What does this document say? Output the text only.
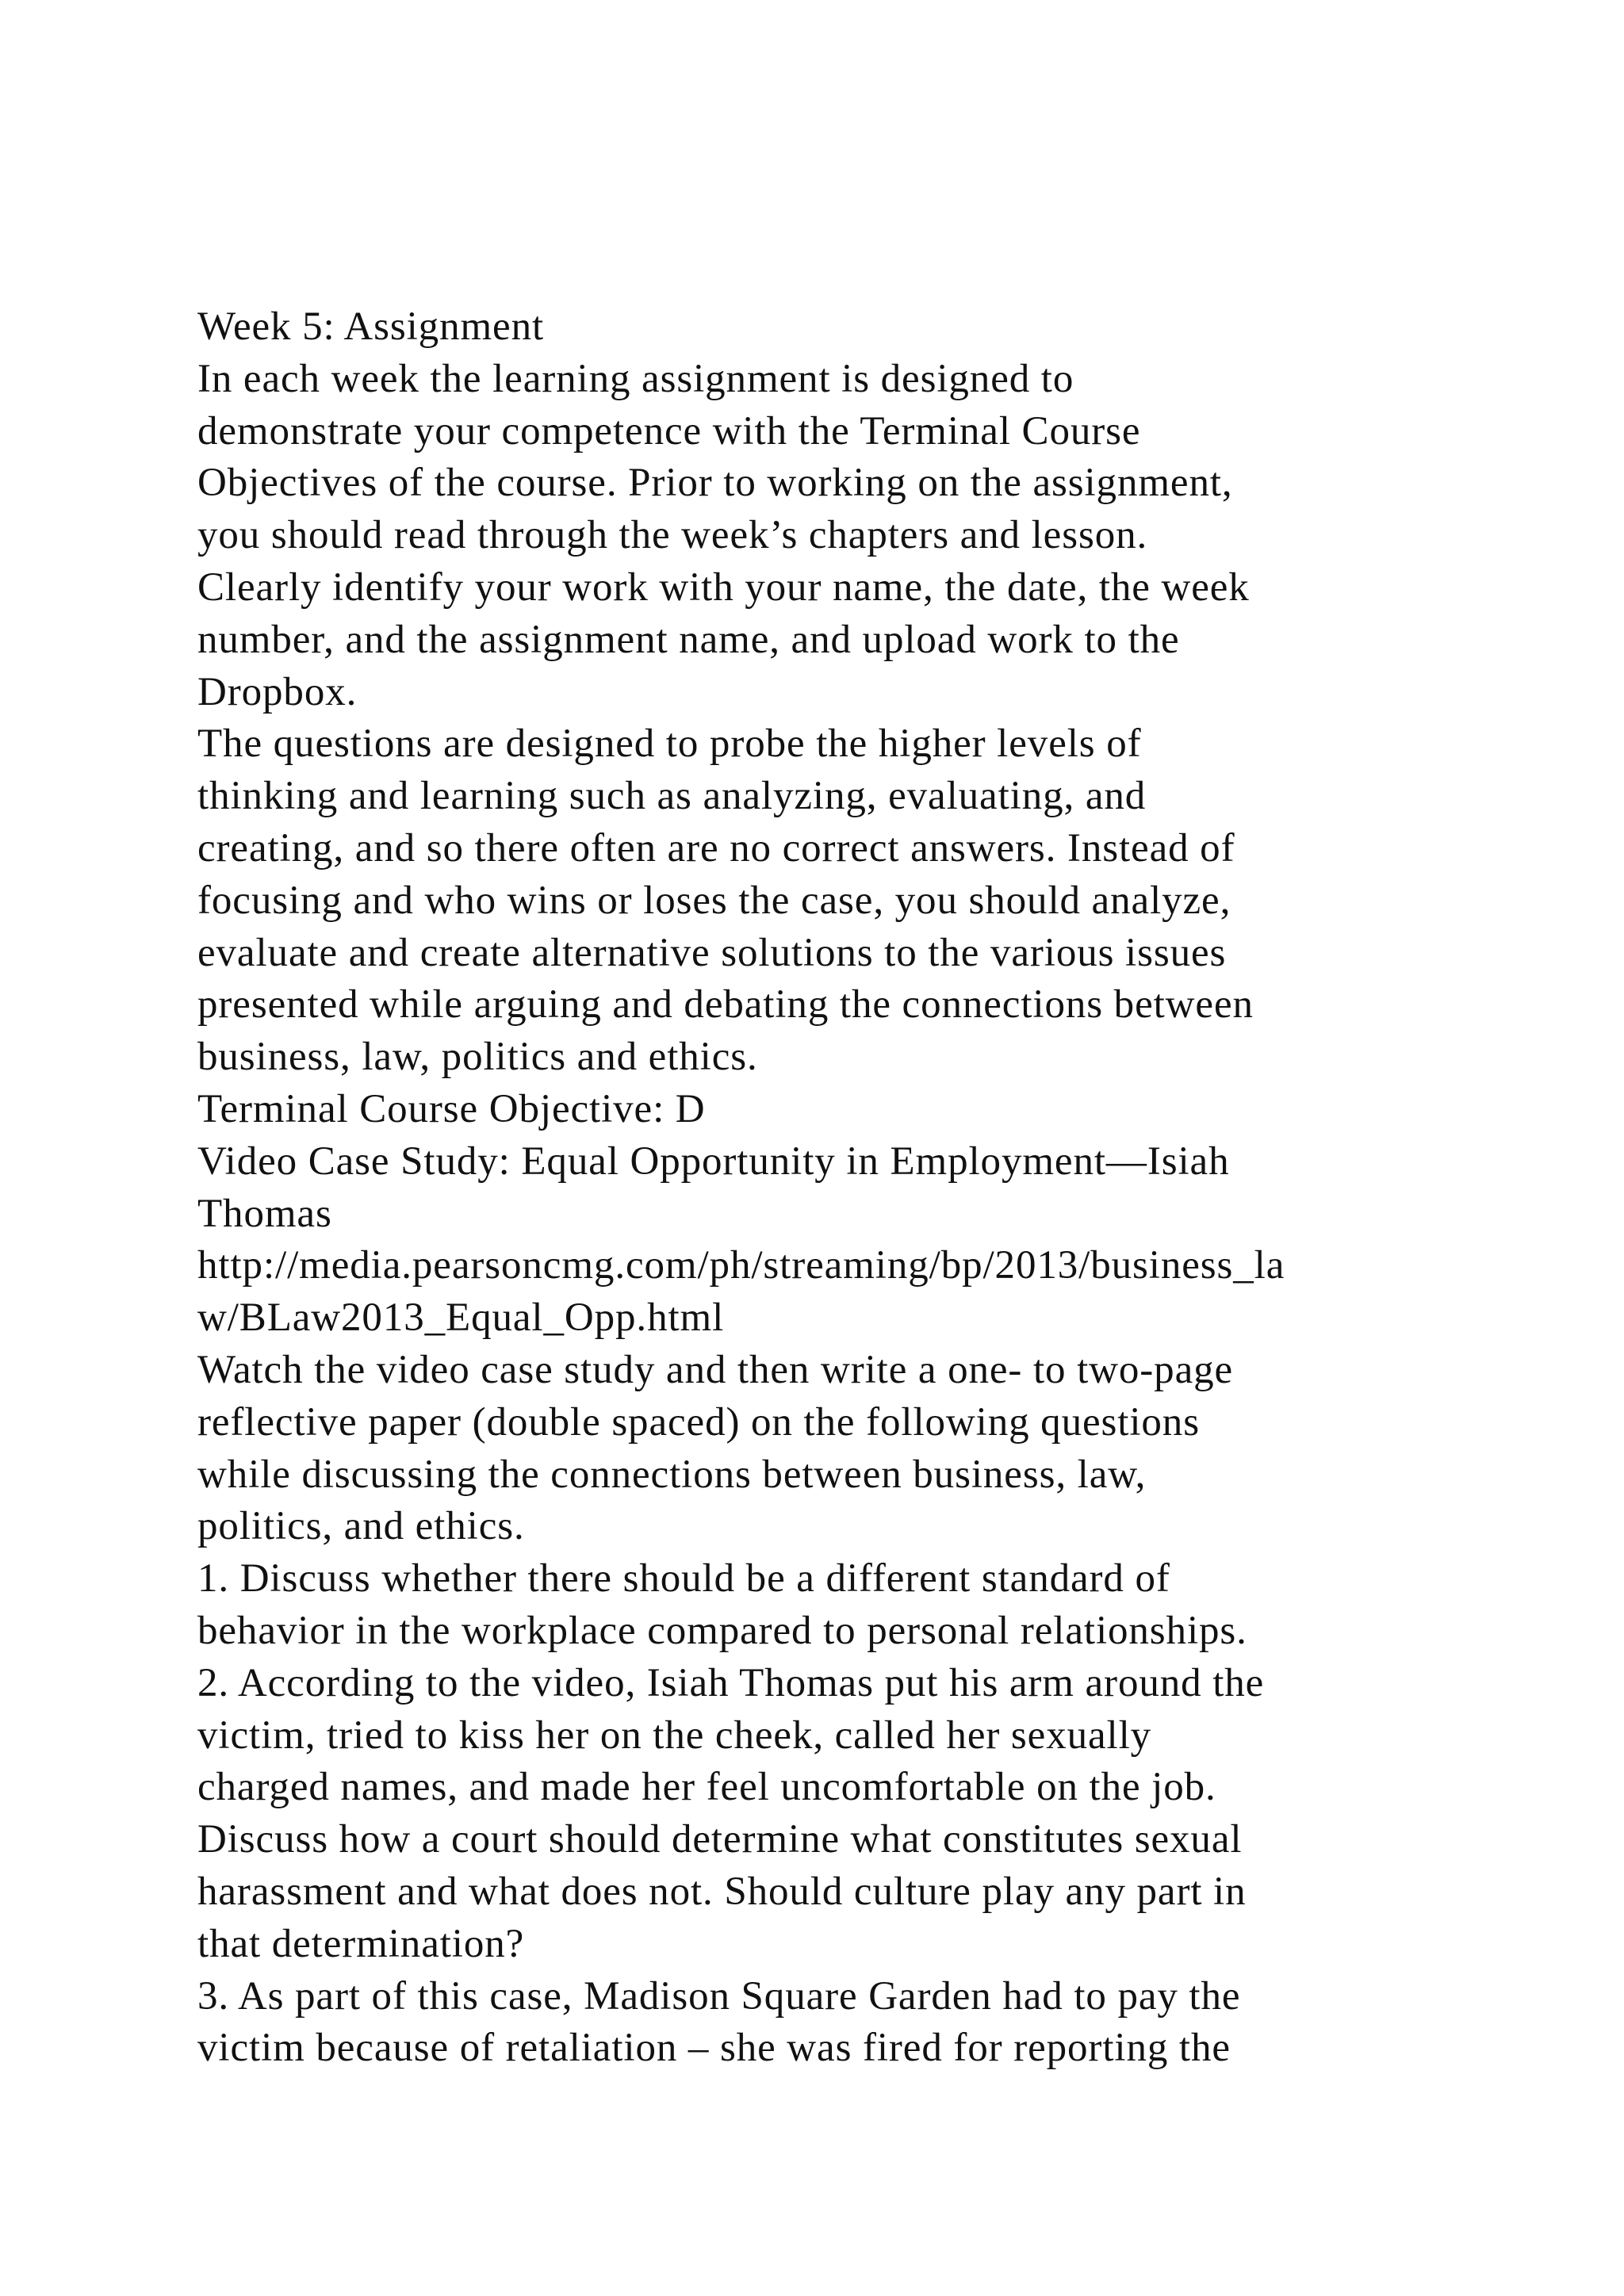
Week 5: Assignment
In each week the learning assignment is designed to
demonstrate your competence with the Terminal Course
Objectives of the course. Prior to working on the assignment,
you should read through the week’s chapters and lesson.
Clearly identify your work with your name, the date, the week
number, and the assignment name, and upload work to the
Dropbox.
The questions are designed to probe the higher levels of
thinking and learning such as analyzing, evaluating, and
creating, and so there often are no correct answers. Instead of
focusing and who wins or loses the case, you should analyze,
evaluate and create alternative solutions to the various issues
presented while arguing and debating the connections between
business, law, politics and ethics.
Terminal Course Objective: D
Video Case Study: Equal Opportunity in Employment—Isiah
Thomas
http://media.pearsoncmg.com/ph/streaming/bp/2013/business_la
w/BLaw2013_Equal_Opp.html
Watch the video case study and then write a one- to two-page
reflective paper (double spaced) on the following questions
while discussing the connections between business, law,
politics, and ethics.
1. Discuss whether there should be a different standard of
behavior in the workplace compared to personal relationships.
2. According to the video, Isiah Thomas put his arm around the
victim, tried to kiss her on the cheek, called her sexually
charged names, and made her feel uncomfortable on the job.
Discuss how a court should determine what constitutes sexual
harassment and what does not. Should culture play any part in
that determination?
3. As part of this case, Madison Square Garden had to pay the
victim because of retaliation – she was fired for reporting the
